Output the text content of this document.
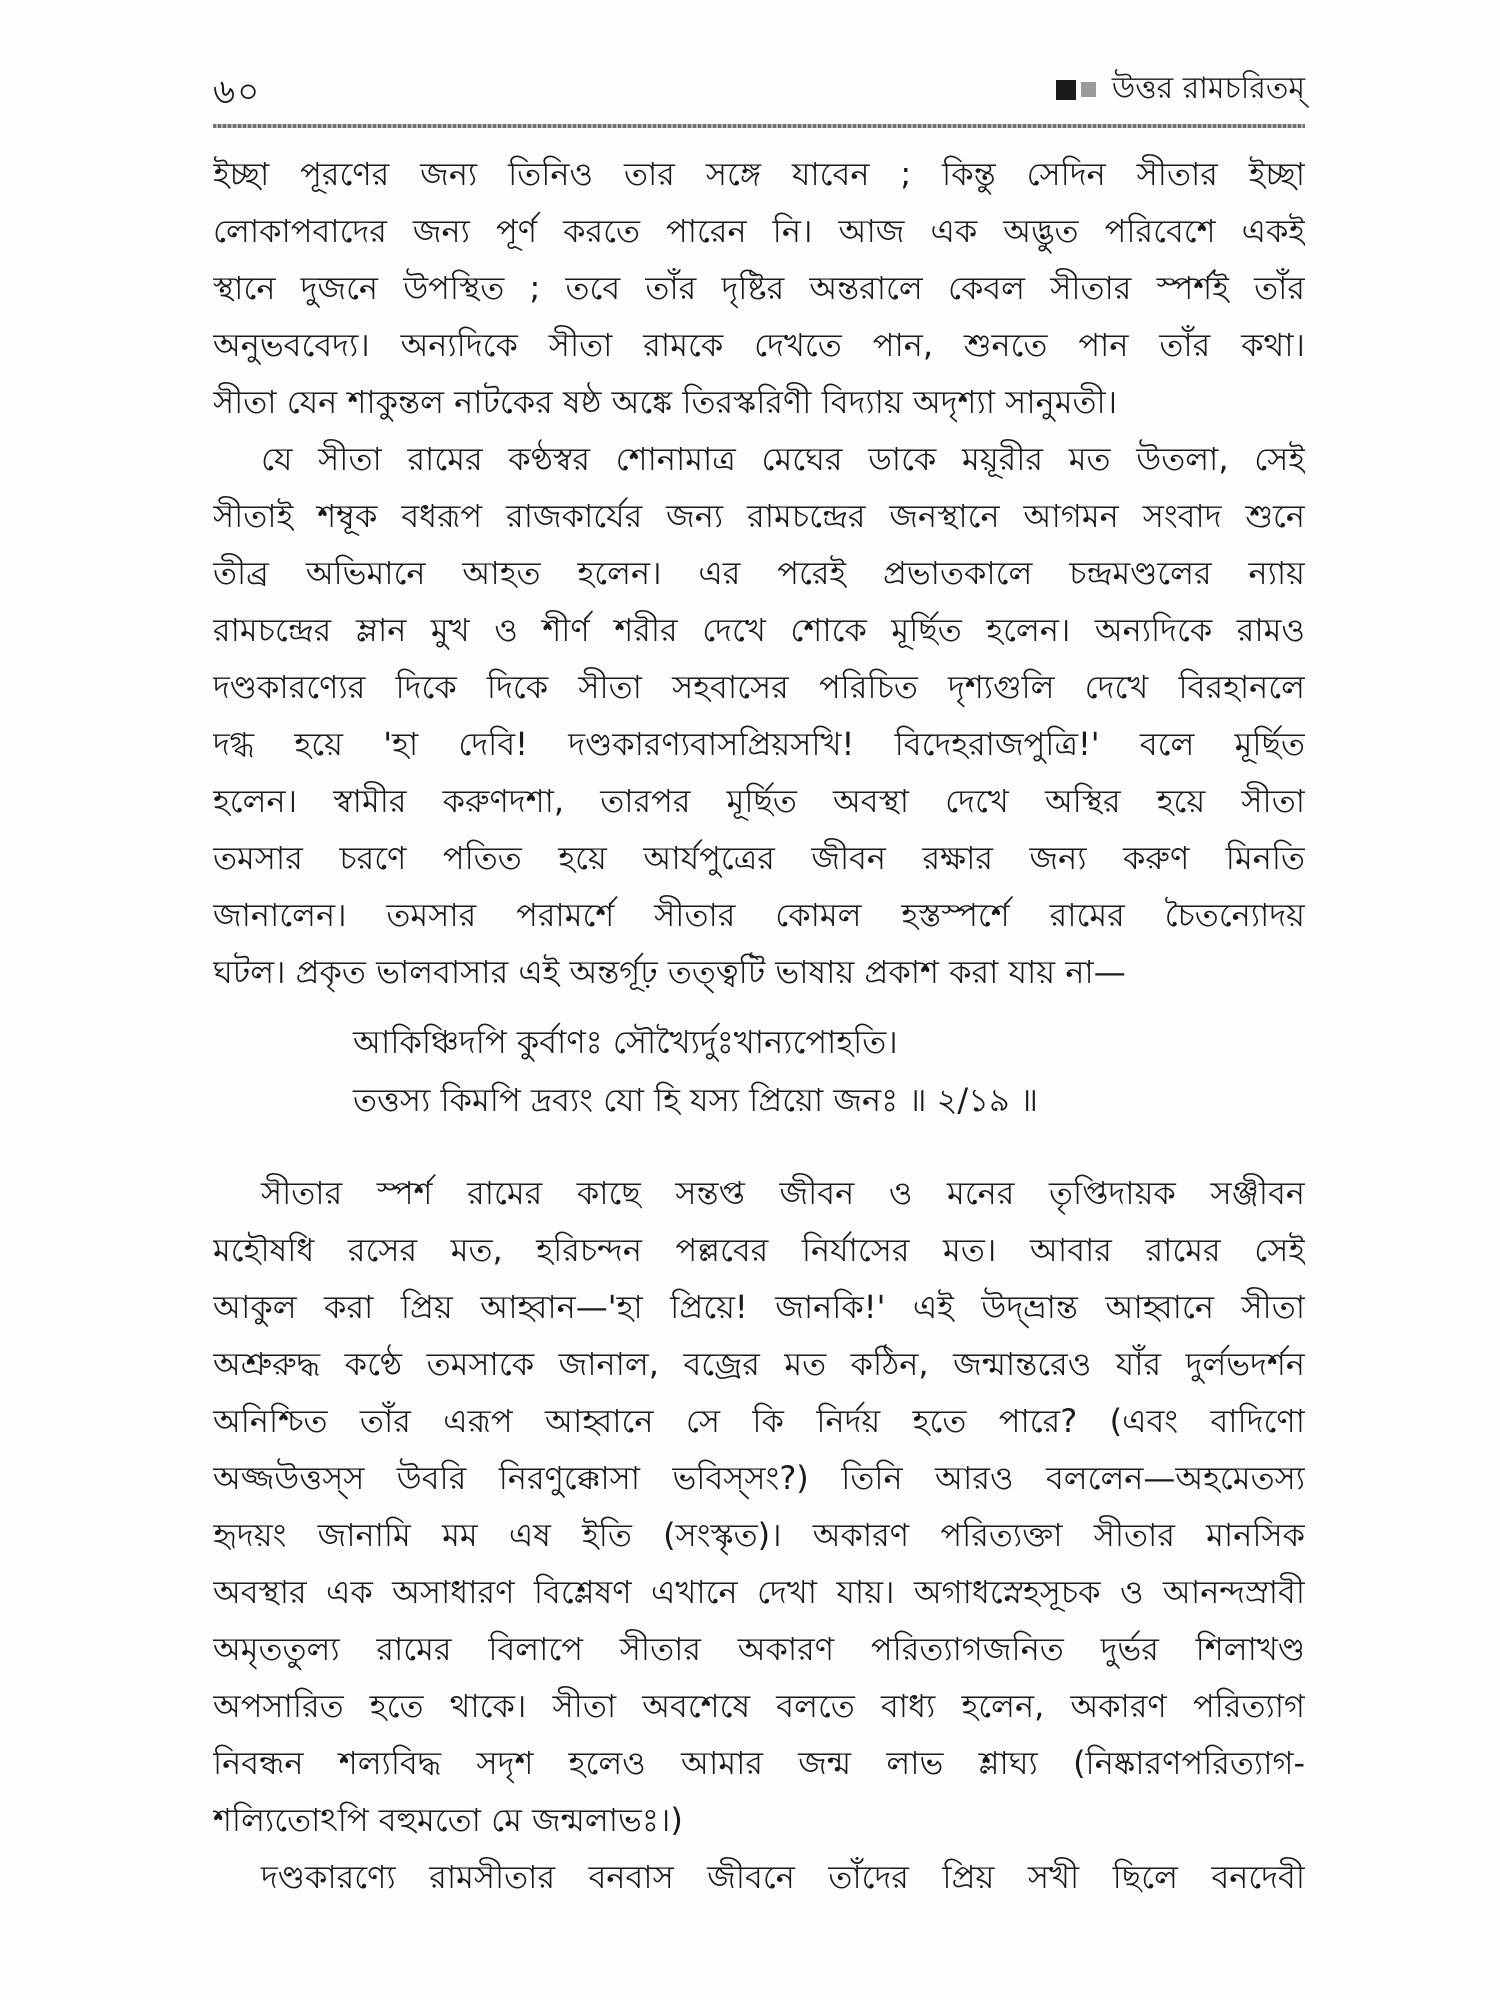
৬০	উত্তর রামচরিতম্
ইচ্ছা পূরণের জন্য তিনিও তার সঙ্গে যাবেন ; কিন্তু সেদিন সীতার ইচ্ছা
লোকাপবাদের জন্য পূর্ণ করতে পারেন নি। আজ এক অদ্ভুত পরিবেশে একই
স্থানে দুজনে উপস্থিত ; তবে তাঁর দৃষ্টির অন্তরালে কেবল সীতার স্পর্শই তাঁর
অনুভববেদ্য। অন্যদিকে সীতা রামকে দেখতে পান, শুনতে পান তাঁর কথা।
সীতা যেন শাকুন্তল নাটকের ষষ্ঠ অঙ্কে তিরস্করিণী বিদ্যায় অদৃশ্যা সানুমতী।
যে সীতা রামের কণ্ঠস্বর শোনামাত্র মেঘের ডাকে ময়ূরীর মত উতলা, সেই
সীতাই শম্বূক বধরূপ রাজকার্যের জন্য রামচন্দ্রের জনস্থানে আগমন সংবাদ শুনে
তীব্র অভিমানে আহত হলেন। এর পরেই প্রভাতকালে চন্দ্রমণ্ডলের ন্যায়
রামচন্দ্রের ম্লান মুখ ও শীর্ণ শরীর দেখে শোকে মূর্ছিত হলেন। অন্যদিকে রামও
দণ্ডকারণ্যের দিকে দিকে সীতা সহবাসের পরিচিত দৃশ্যগুলি দেখে বিরহানলে
দগ্ধ হয়ে 'হা দেবি! দণ্ডকারণ্যবাসপ্রিয়সখি! বিদেহরাজপুত্রি!' বলে মূর্ছিত
হলেন। স্বামীর করুণদশা, তারপর মূর্ছিত অবস্থা দেখে অস্থির হয়ে সীতা
তমসার চরণে পতিত হয়ে আর্যপুত্রের জীবন রক্ষার জন্য করুণ মিনতি
জানালেন। তমসার পরামর্শে সীতার কোমল হস্তস্পর্শে রামের চৈতন্যোদয়
ঘটল। প্রকৃত ভালবাসার এই অন্তর্গূঢ় তত্ত্বটি ভাষায় প্রকাশ করা যায় না—
আকিঞ্চিদপি কুর্বাণঃ সৌখ্যৈর্দুঃখান্যপোহতি।
তত্তস্য কিমপি দ্রব্যং যো হি যস্য প্রিয়ো জনঃ ॥ ২/১৯ ॥
সীতার স্পর্শ রামের কাছে সন্তপ্ত জীবন ও মনের তৃপ্তিদায়ক সঞ্জীবন
মহৌষধি রসের মত, হরিচন্দন পল্লবের নির্যাসের মত। আবার রামের সেই
আকুল করা প্রিয় আহ্বান—'হা প্রিয়ে! জানকি!' এই উদ্‌ভ্রান্ত আহ্বানে সীতা
অশ্রুরুদ্ধ কণ্ঠে তমসাকে জানাল, বজ্রের মত কঠিন, জন্মান্তরেও যাঁর দুর্লভদর্শন
অনিশ্চিত তাঁর এরূপ আহ্বানে সে কি নির্দয় হতে পারে? (এবং বাদিণো
অজ্জউত্তস্স উবরি নিরণুক্কোসা ভবিস্সং?) তিনি আরও বললেন—অহমেতস্য
হৃদয়ং জানামি মম এষ ইতি (সংস্কৃত)। অকারণ পরিত্যক্তা সীতার মানসিক
অবস্থার এক অসাধারণ বিশ্লেষণ এখানে দেখা যায়। অগাধস্নেহসূচক ও আনন্দস্রাবী
অমৃততুল্য রামের বিলাপে সীতার অকারণ পরিত্যাগজনিত দুর্ভর শিলাখণ্ড
অপসারিত হতে থাকে। সীতা অবশেষে বলতে বাধ্য হলেন, অকারণ পরিত্যাগ
নিবন্ধন শল্যবিদ্ধ সদৃশ হলেও আমার জন্ম লাভ শ্লাঘ্য (নিষ্কারণপরিত্যাগ-
শল্যিতোঽপি বহুমতো মে জন্মলাভঃ।)
দণ্ডকারণ্যে রামসীতার বনবাস জীবনে তাঁদের প্রিয় সখী ছিলে বনদেবী
